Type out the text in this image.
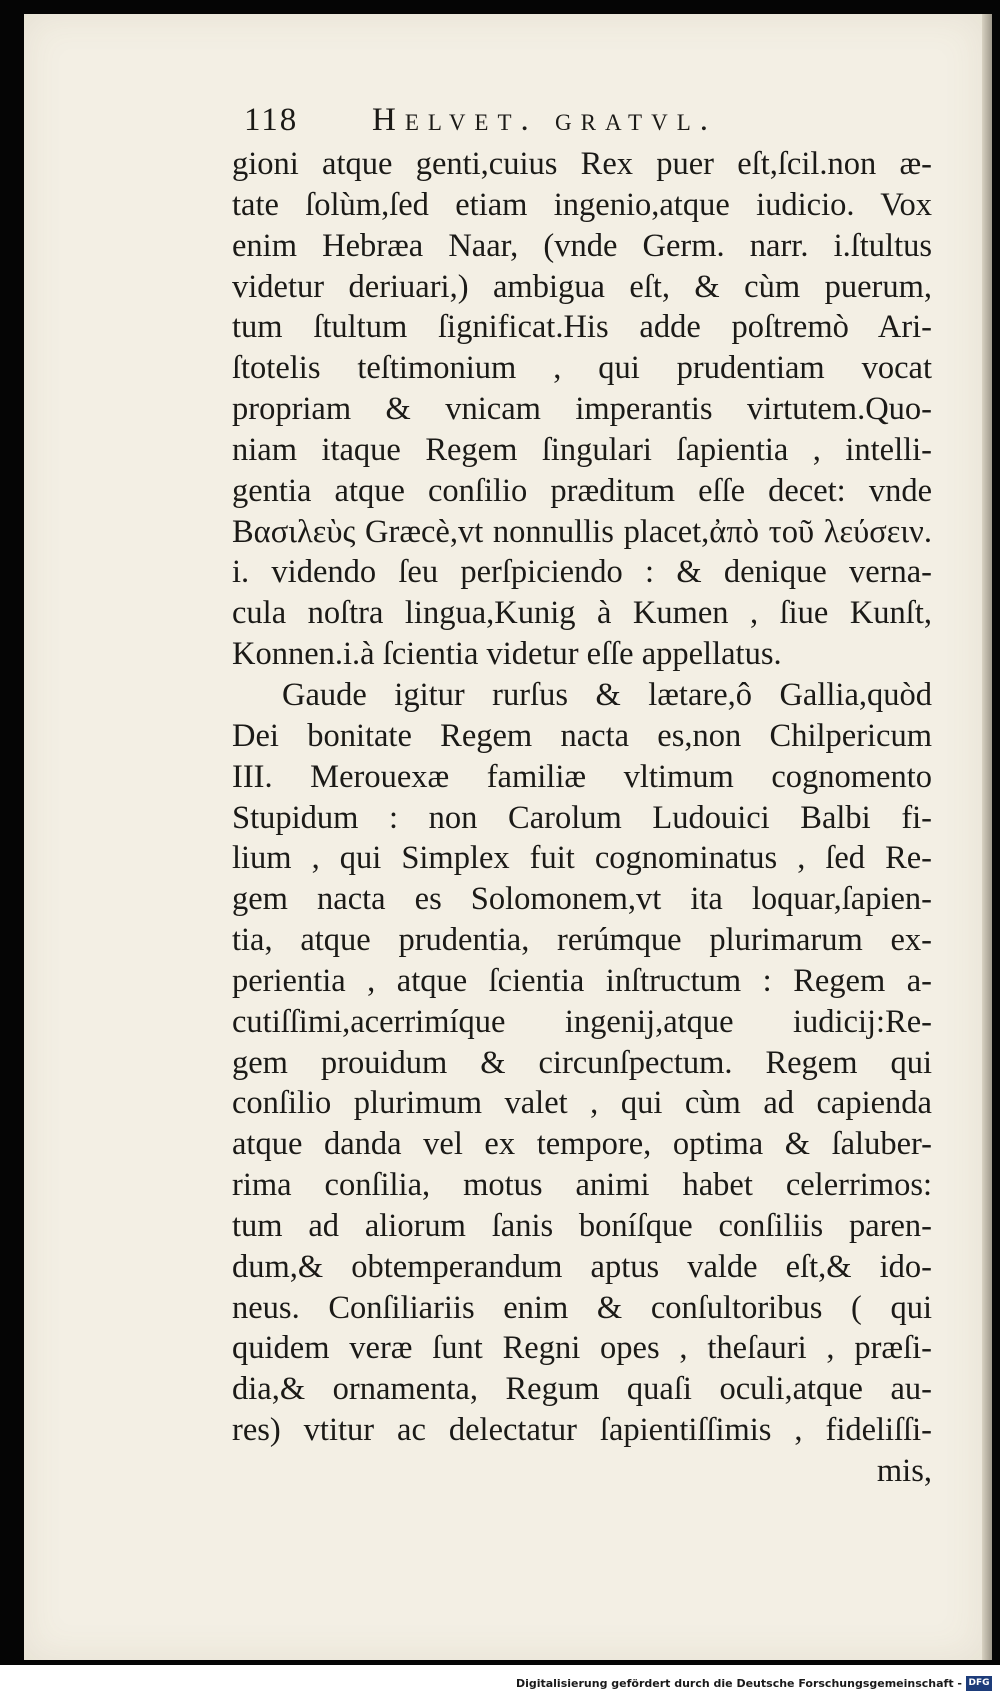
118 Helvet. gratvl.
gioni atque genti,cuius Rex puer eſt,ſcil.non æ-
tate ſolùm,ſed etiam ingenio,atque iudicio. Vox
enim Hebræa Naar, (vnde Germ. narr. i.ſtultus
videtur deriuari,) ambigua eſt, & cùm puerum,
tum ſtultum ſignificat.His adde poſtremò Ari-
ſtotelis teſtimonium , qui prudentiam vocat
propriam & vnicam imperantis virtutem.Quo-
niam itaque Regem ſingulari ſapientia , intelli-
gentia atque conſilio præditum eſſe decet: vnde
Βασιλεὺς Græcè,vt nonnullis placet,ἀπὸ τοῦ λεύσειν.
i. videndo ſeu perſpiciendo : & denique verna-
cula noſtra lingua,Kunig à Kumen , ſiue Kunſt,
Konnen.i.à ſcientia videtur eſſe appellatus.
Gaude igitur rurſus & lætare,ô Gallia,quòd
Dei bonitate Regem nacta es,non Chilpericum
III. Merouexæ familiæ vltimum cognomento
Stupidum : non Carolum Ludouici Balbi fi-
lium , qui Simplex fuit cognominatus , ſed Re-
gem nacta es Solomonem,vt ita loquar,ſapien-
tia, atque prudentia, rerúmque plurimarum ex-
perientia , atque ſcientia inſtructum : Regem a-
cutiſſimi,acerrimíque ingenij,atque iudicij:Re-
gem prouidum & circunſpectum. Regem qui
conſilio plurimum valet , qui cùm ad capienda
atque danda vel ex tempore, optima & ſaluber-
rima conſilia, motus animi habet celerrimos:
tum ad aliorum ſanis boníſque conſiliis paren-
dum,& obtemperandum aptus valde eſt,& ido-
neus. Conſiliariis enim & conſultoribus ( qui
quidem veræ ſunt Regni opes , theſauri , præſi-
dia,& ornamenta, Regum quaſi oculi,atque au-
res) vtitur ac delectatur ſapientiſſimis , fideliſſi-
mis,
Digitalisierung gefördert durch die Deutsche Forschungsgemeinschaft - DFG
